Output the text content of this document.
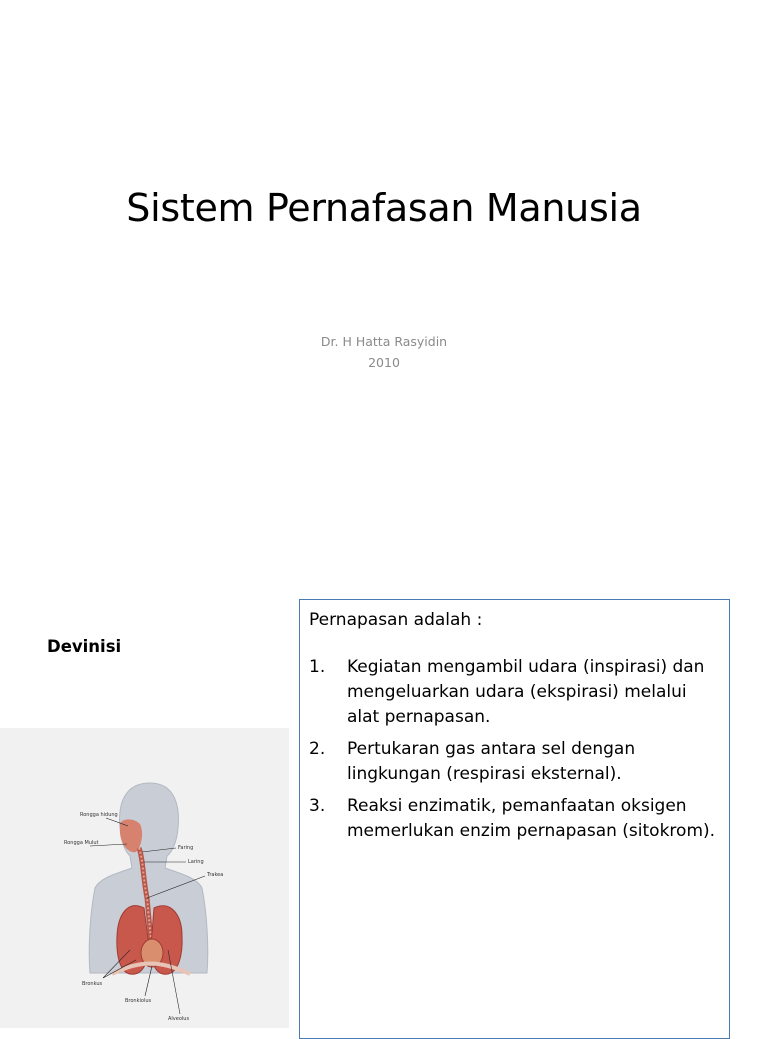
Sistem Pernafasan Manusia
Dr. H Hatta Rasyidin
2010
Devinisi
Rongga hidung
Rongga Mulut
Faring
Laring
Trakea
Bronkus
Bronkiolus
Alveolus

Pernapasan adalah :

1.	Kegiatan mengambil udara (inspirasi) dan mengeluarkan udara (ekspirasi) melalui alat pernapasan.
2.	Pertukaran gas antara sel dengan lingkungan (respirasi eksternal).
3.	Reaksi enzimatik, pemanfaatan oksigen memerlukan enzim pernapasan (sitokrom).
